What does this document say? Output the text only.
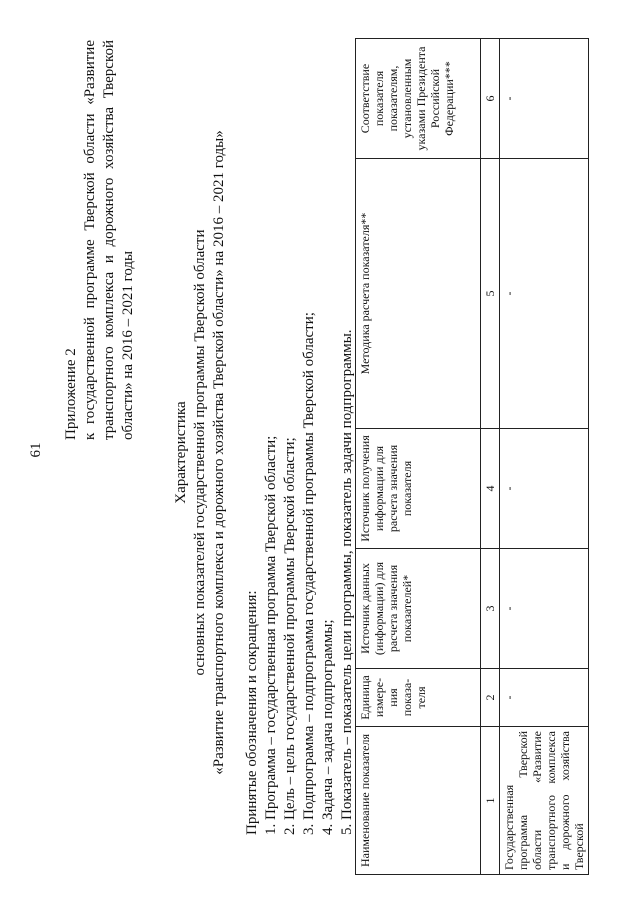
61
Приложение 2 к государственной программе Тверской области «Развитие транспортного комплекса и дорожного хозяйства Тверской области» на 2016 – 2021 годы
Характеристика основных показателей государственной программы Тверской области «Развитие транспортного комплекса и дорожного хозяйства Тверской области» на 2016 – 2021 годы» Принятые обозначения и сокращения: 1. Программа – государственная программа Тверской области; 2. Цель – цель государственной программы Тверской области; 3. Подпрограмма – подпрограмма государственной программы Тверской области; 4. Задача – задача подпрограммы; 5. Показатель – показатель цели программы, показатель задачи подпрограммы. Наименование показателя	Единица измере-ния показа-теля	Источник данных (информации) для расчета значения показателей*	Источник получения информации для расчета значения показателя	Методика расчета показателя**	Соответствие показателя показателям, установленным указами Президента Российской Федерации***
1	2	3	4	5	6
Государственная программа Тверской области «Развитие транспортного комплекса и дорожного хозяйства Тверской	-	-	-	-	-
